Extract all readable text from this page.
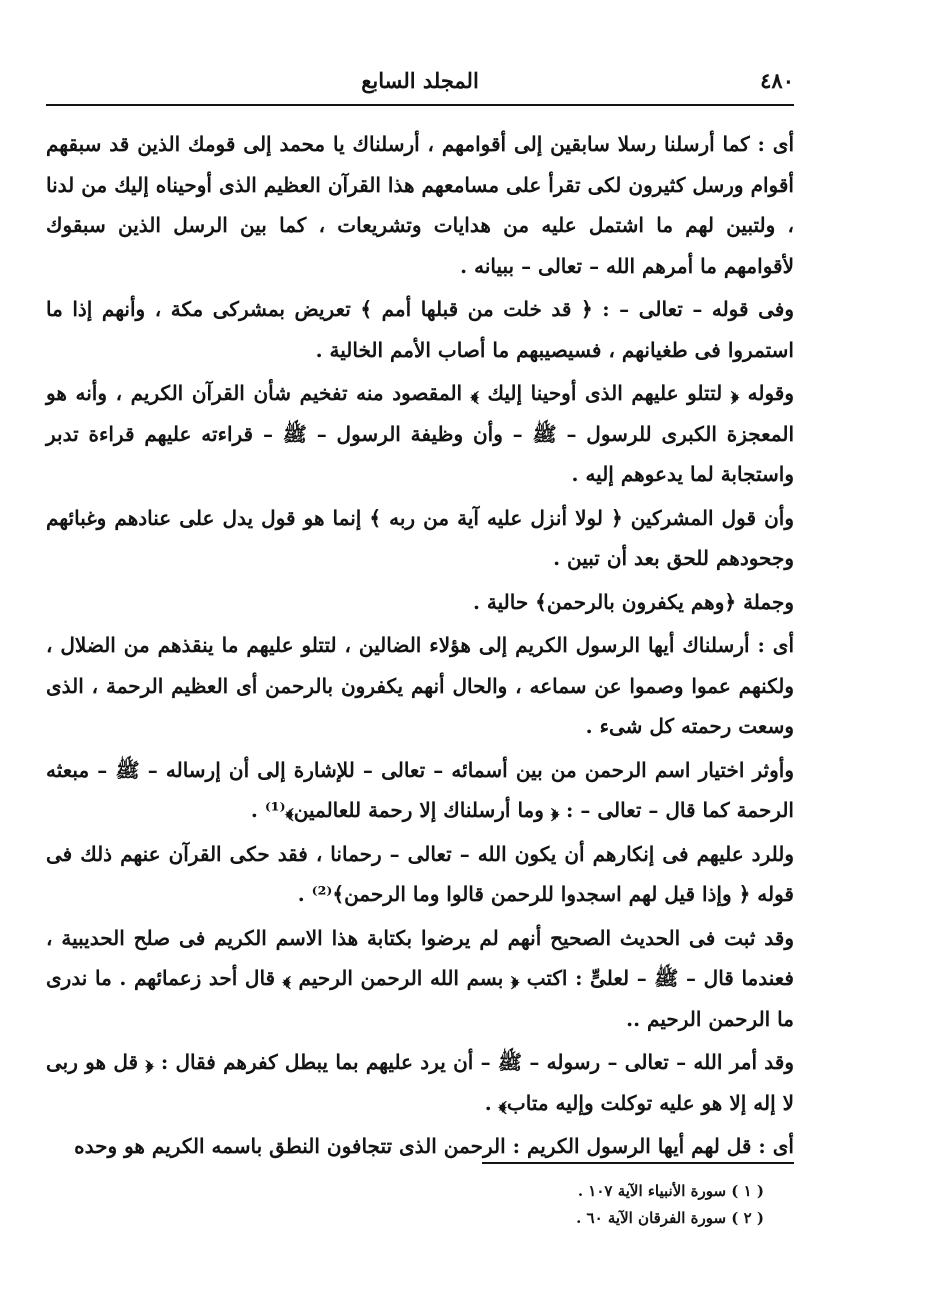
المجلد السابع	٤٨٠

أى : كما أرسلنا رسلا سابقين إلى أقوامهم ، أرسلناك يا محمد إلى قومك الذين قد سبقهم أقوام ورسل كثيرون لكى تقرأ على مسامعهم هذا القرآن العظيم الذى أوحيناه إليك من لدنا ، ولتبين لهم ما اشتمل عليه من هدايات وتشريعات ، كما بين الرسل الذين سبقوك لأقوامهم ما أمرهم الله – تعالى – ببيانه .

وفى قوله – تعالى – : ﴿ قد خلت من قبلها أمم ﴾ تعريض بمشركى مكة ، وأنهم إذا ما استمروا فى طغيانهم ، فسيصيبهم ما أصاب الأمم الخالية .

وقوله ﴿ لتتلو عليهم الذى أوحينا إليك ﴾ المقصود منه تفخيم شأن القرآن الكريم ، وأنه هو المعجزة الكبرى للرسول – ﷺ – وأن وظيفة الرسول – ﷺ – قراءته عليهم قراءة تدبر واستجابة لما يدعوهم إليه .

وأن قول المشركين ﴿ لولا أنزل عليه آية من ربه ﴾ إنما هو قول يدل على عنادهم وغبائهم وجحودهم للحق بعد أن تبين .

وجملة ﴿وهم يكفرون بالرحمن﴾ حالية .

أى : أرسلناك أيها الرسول الكريم إلى هؤلاء الضالين ، لتتلو عليهم ما ينقذهم من الضلال ، ولكنهم عموا وصموا عن سماعه ، والحال أنهم يكفرون بالرحمن أى العظيم الرحمة ، الذى وسعت رحمته كل شىء .

وأوثر اختيار اسم الرحمن من بين أسمائه – تعالى – للإشارة إلى أن إرساله – ﷺ – مبعثه الرحمة كما قال – تعالى – : ﴿ وما أرسلناك إلا رحمة للعالمين﴾⁽¹⁾ .

وللرد عليهم فى إنكارهم أن يكون الله – تعالى – رحمانا ، فقد حكى القرآن عنهم ذلك فى قوله ﴿ وإذا قيل لهم اسجدوا للرحمن قالوا وما الرحمن﴾⁽²⁾ .

وقد ثبت فى الحديث الصحيح أنهم لم يرضوا بكتابة هذا الاسم الكريم فى صلح الحديبية ، فعندما قال – ﷺ – لعلىٍّ : اكتب ﴿ بسم الله الرحمن الرحيم ﴾ قال أحد زعمائهم . ما ندرى ما الرحمن الرحيم ..

وقد أمر الله – تعالى – رسوله – ﷺ – أن يرد عليهم بما يبطل كفرهم فقال : ﴿ قل هو ربى لا إله إلا هو عليه توكلت وإليه متاب﴾ .

أى : قل لهم أيها الرسول الكريم : الرحمن الذى تتجافون النطق باسمه الكريم هو وحده

( ١ ) سورة الأنبياء الآية ١٠٧ .
( ٢ ) سورة الفرقان الآية ٦٠ .
